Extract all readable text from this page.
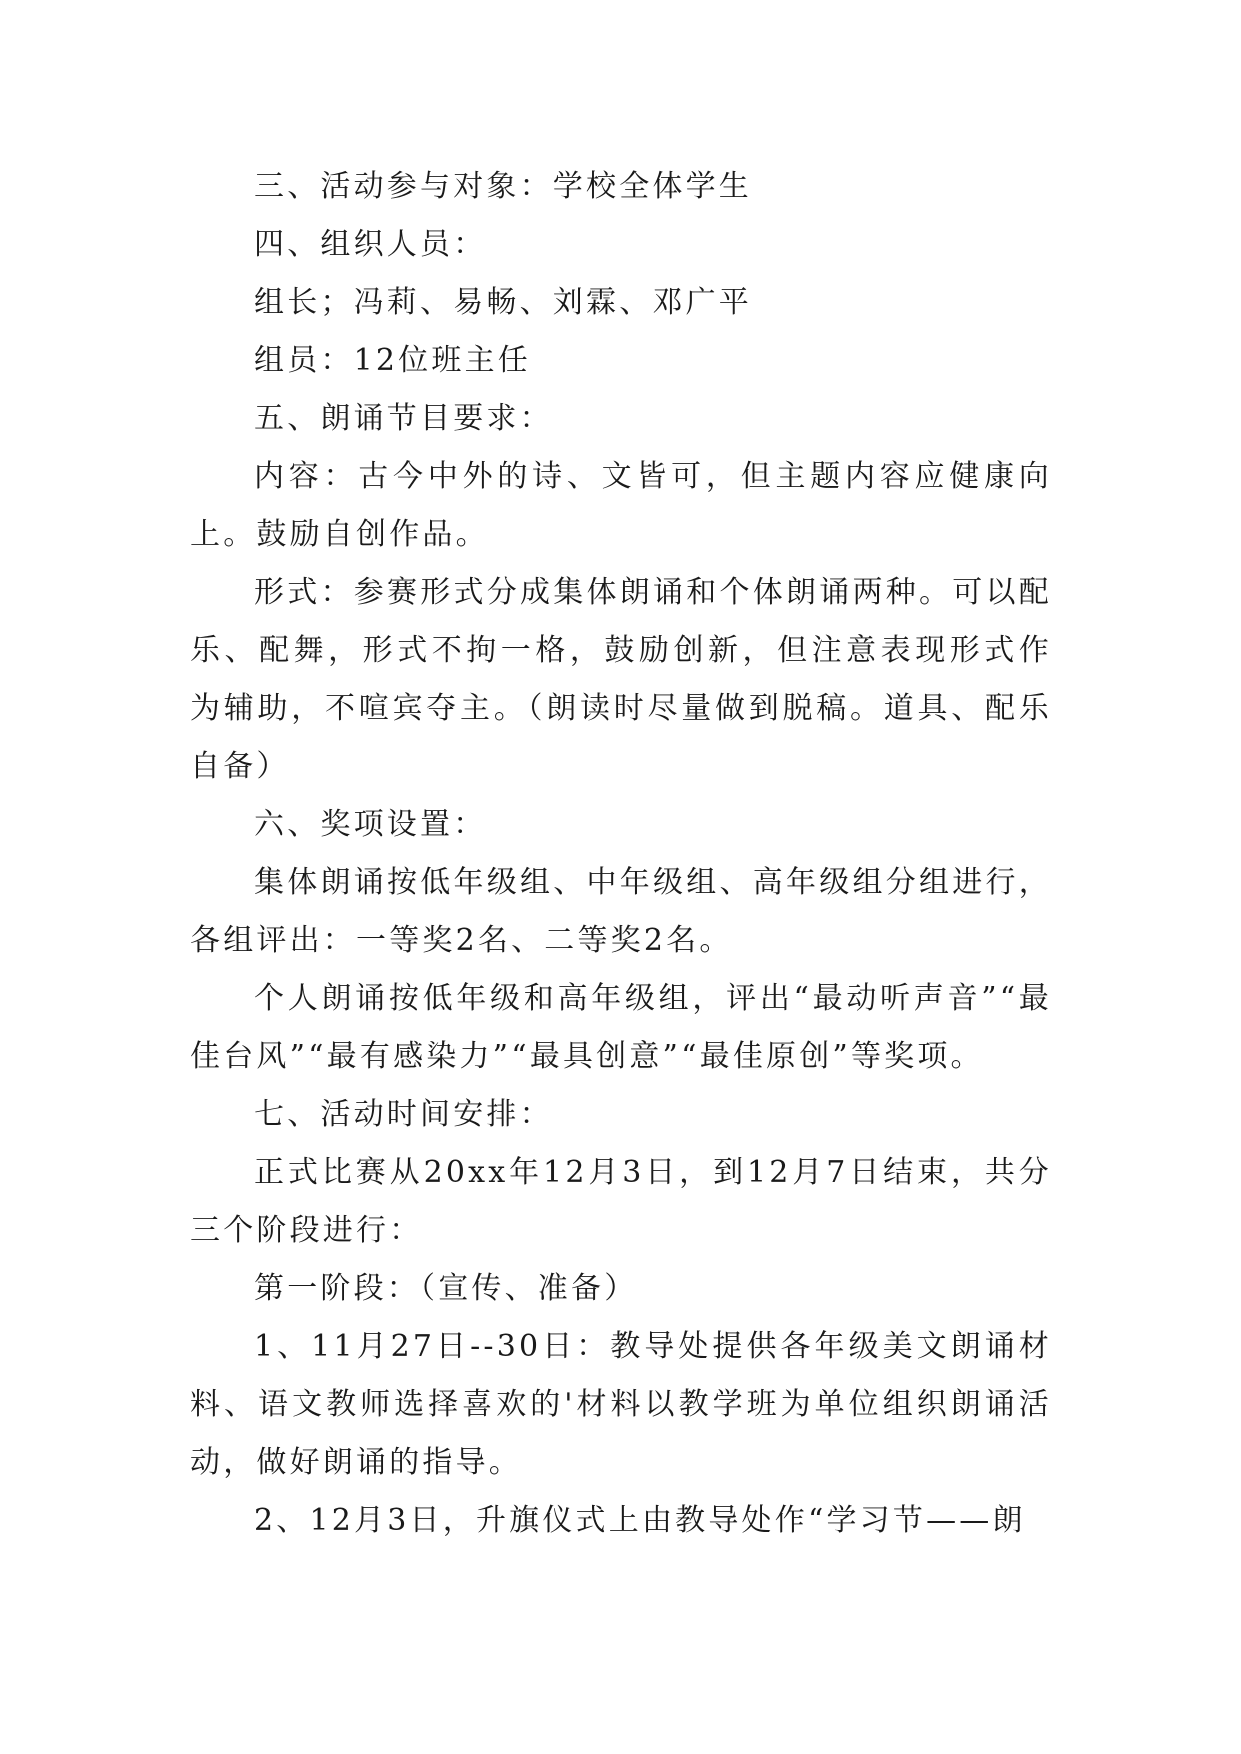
三、活动参与对象：学校全体学生

四、组织人员：

组长；冯莉、易畅、刘霖、邓广平

组员：12位班主任

五、朗诵节目要求：

内容：古今中外的诗、文皆可，但主题内容应健康向上。鼓励自创作品。

形式：参赛形式分成集体朗诵和个体朗诵两种。可以配乐、配舞，形式不拘一格，鼓励创新，但注意表现形式作为辅助，不喧宾夺主。（朗读时尽量做到脱稿。道具、配乐自备）

六、奖项设置：

集体朗诵按低年级组、中年级组、高年级组分组进行，各组评出：一等奖2名、二等奖2名。

个人朗诵按低年级和高年级组，评出“最动听声音”“最佳台风”“最有感染力”“最具创意”“最佳原创”等奖项。

七、活动时间安排：

正式比赛从20xx年12月3日，到12月7日结束，共分三个阶段进行：

第一阶段：（宣传、准备）

1、11月27日--30日：教导处提供各年级美文朗诵材料、语文教师选择喜欢的'材料以教学班为单位组织朗诵活动，做好朗诵的指导。

2、12月3日，升旗仪式上由教导处作“学习节——朗
